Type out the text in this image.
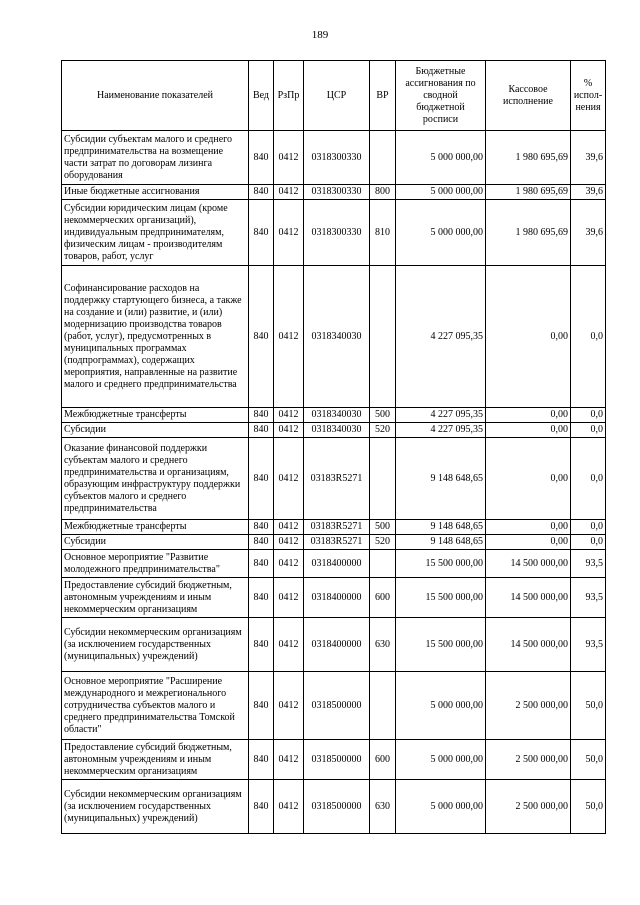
189
Наименование показателей	Вед	РзПр	ЦСР	ВР	Бюджетные ассигнования по сводной бюджетной росписи	Кассовое исполнение	% испол-нения
Субсидии субъектам малого и среднего предпринимательства на возмещение части затрат по договорам лизинга оборудования	840	0412	0318300330		5 000 000,00	1 980 695,69	39,6
Иные бюджетные ассигнования	840	0412	0318300330	800	5 000 000,00	1 980 695,69	39,6
Субсидии юридическим лицам (кроме некоммерческих организаций), индивидуальным предпринимателям, физическим лицам - производителям товаров, работ, услуг	840	0412	0318300330	810	5 000 000,00	1 980 695,69	39,6
Софинансирование расходов на поддержку стартующего бизнеса, а также на создание и (или) развитие, и (или) модернизацию производства товаров (работ, услуг), предусмотренных в муниципальных программах (подпрограммах), содержащих мероприятия, направленные на развитие малого и среднего предпринимательства	840	0412	0318340030		4 227 095,35	0,00	0,0
Межбюджетные трансферты	840	0412	0318340030	500	4 227 095,35	0,00	0,0
Субсидии	840	0412	0318340030	520	4 227 095,35	0,00	0,0
Оказание финансовой поддержки субъектам малого и среднего предпринимательства и организациям, образующим инфраструктуру поддержки субъектов малого и среднего предпринимательства	840	0412	03183R5271		9 148 648,65	0,00	0,0
Межбюджетные трансферты	840	0412	03183R5271	500	9 148 648,65	0,00	0,0
Субсидии	840	0412	03183R5271	520	9 148 648,65	0,00	0,0
Основное мероприятие "Развитие молодежного предпринимательства"	840	0412	0318400000		15 500 000,00	14 500 000,00	93,5
Предоставление субсидий бюджетным, автономным учреждениям и иным некоммерческим организациям	840	0412	0318400000	600	15 500 000,00	14 500 000,00	93,5
Субсидии некоммерческим организациям (за исключением государственных (муниципальных) учреждений)	840	0412	0318400000	630	15 500 000,00	14 500 000,00	93,5
Основное мероприятие "Расширение международного и межрегионального сотрудничества субъектов малого и среднего предпринимательства Томской области"	840	0412	0318500000		5 000 000,00	2 500 000,00	50,0
Предоставление субсидий бюджетным, автономным учреждениям и иным некоммерческим организациям	840	0412	0318500000	600	5 000 000,00	2 500 000,00	50,0
Субсидии некоммерческим организациям (за исключением государственных (муниципальных) учреждений)	840	0412	0318500000	630	5 000 000,00	2 500 000,00	50,0
